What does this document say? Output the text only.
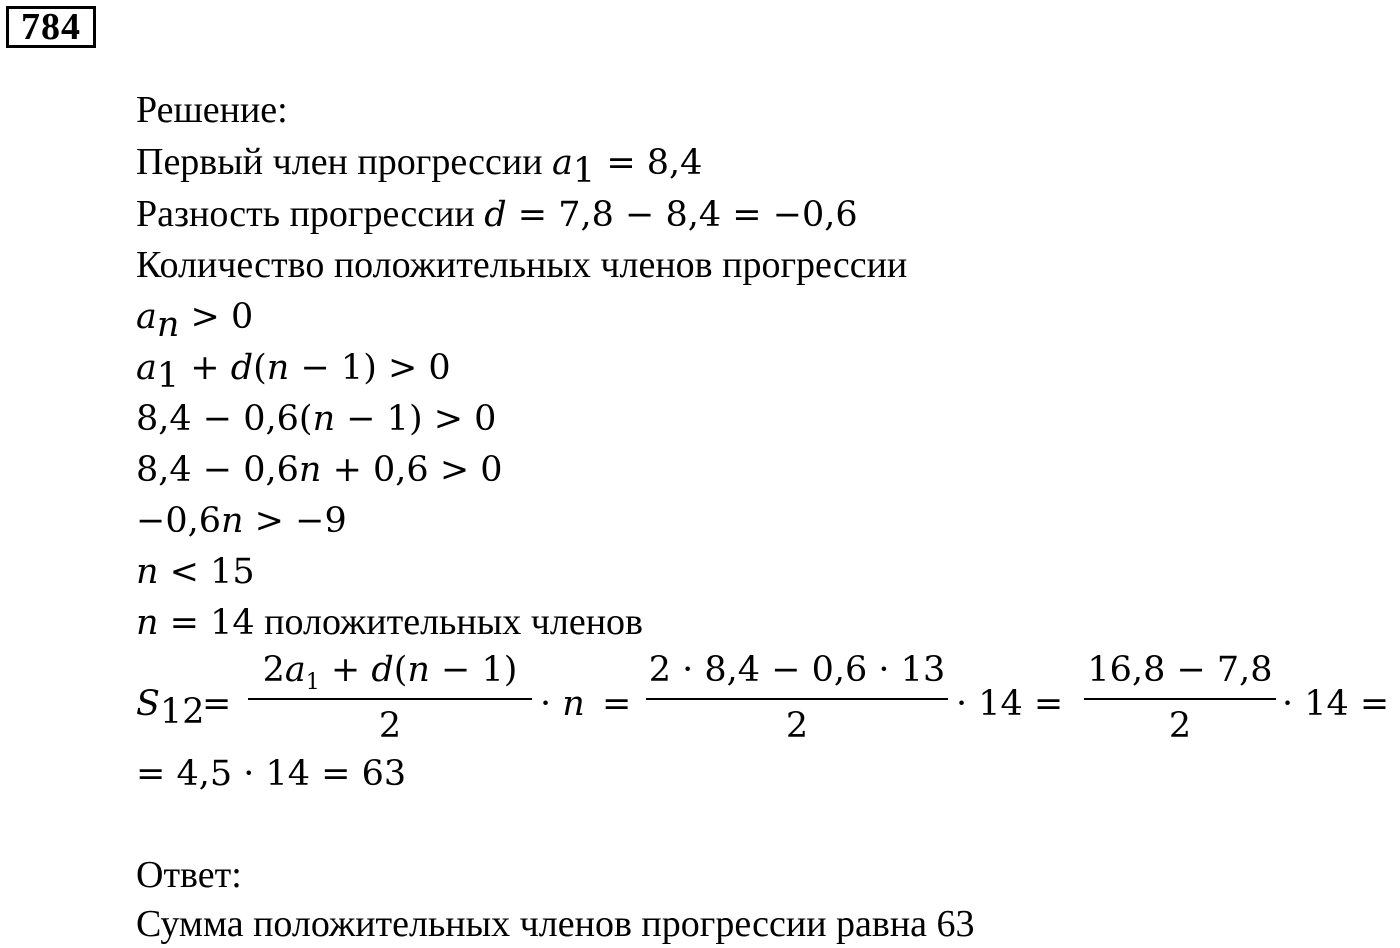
784
Решение:
Первый член прогрессии $a_1 = 8,4$
Разность прогрессии d = 7,8 − 8,4 = −0,6
Количество положительных членов прогрессии
$a_n > 0$
$a_1 + d(n - 1) > 0$
8,4 − 0,6(n − 1) > 0
8,4 − 0,6n + 0,6 > 0
−0,6n > −9
n < 15
n = 14 положительных членов
$S_{12}$
=
$2a_1 + d(n - 1)$
2
· n =
2 · 8,4 − 0,6 · 13
2
· 14 =
16,8 − 7,8
2
· 14 =
= 4,5 · 14 = 63
Ответ:
Сумма положительных членов прогрессии равна 63
